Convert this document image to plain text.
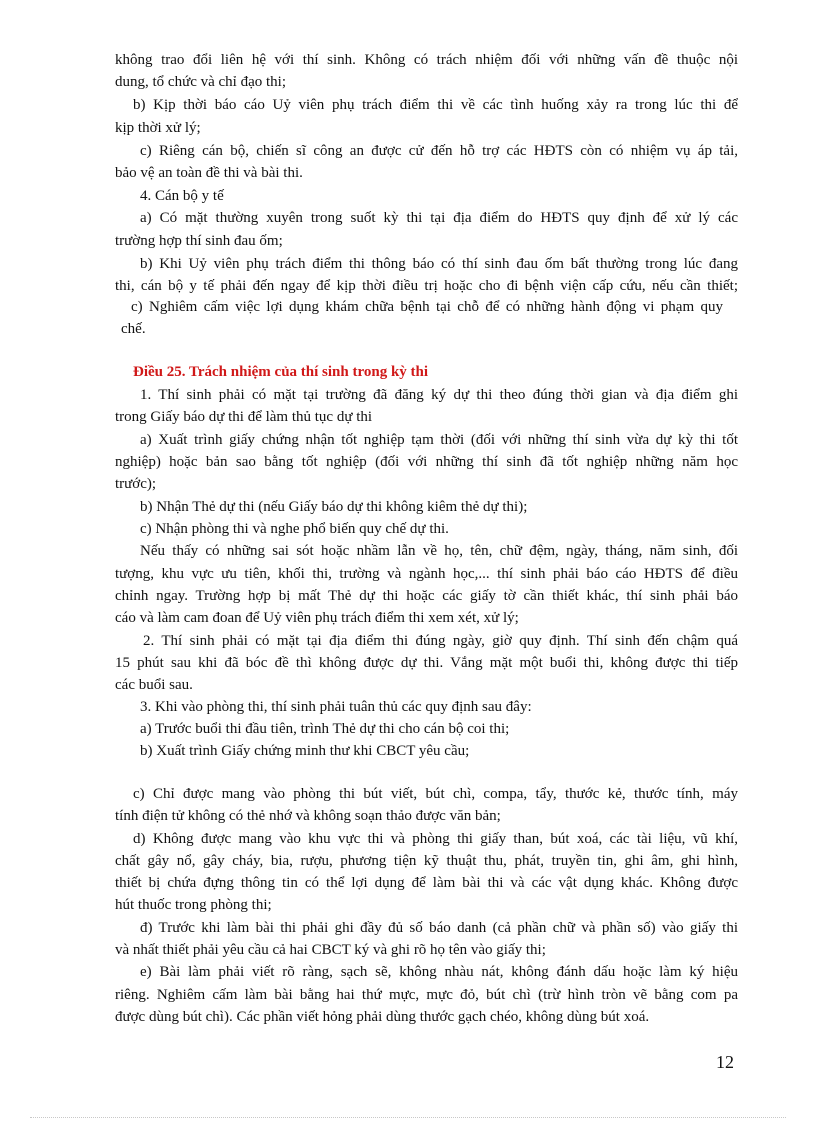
không trao đổi liên hệ với thí sinh. Không có trách nhiệm đối với những vấn đề thuộc nội
dung, tổ chức và chỉ đạo thi;
b) Kịp thời báo cáo Uỷ viên phụ trách điểm thi về các tình huống xảy ra trong lúc thi để
kịp thời xử lý;
c) Riêng cán bộ, chiến sĩ công an được cử đến hỗ trợ các HĐTS còn có nhiệm vụ áp tải,
bảo vệ an toàn đề thi và bài thi.
4. Cán bộ y tế
a) Có mặt thường xuyên trong suốt kỳ thi tại địa điểm do HĐTS quy định để xử lý các
trường hợp thí sinh đau ốm;
b) Khi Uỷ viên phụ trách điểm thi thông báo có thí sinh đau ốm bất thường trong lúc đang
thi, cán bộ y tế phải đến ngay để kịp thời điều trị hoặc cho đi bệnh viện cấp cứu, nếu cần thiết;
c) Nghiêm cấm việc lợi dụng khám chữa bệnh tại chỗ để có những hành động vi phạm quy
chế.
Điều 25. Trách nhiệm của thí sinh trong kỳ thi
1. Thí sinh phải có mặt tại trường đã đăng ký dự thi theo đúng thời gian và địa điểm ghi
trong Giấy báo dự thi để làm thủ tục dự thi
a) Xuất trình giấy chứng nhận tốt nghiệp tạm thời (đối với những thí sinh vừa dự kỳ thi tốt
nghiệp) hoặc bản sao bằng tốt nghiệp (đối với những thí sinh đã tốt nghiệp những năm học
trước);
b) Nhận Thẻ dự thi (nếu Giấy báo dự thi không kiêm thẻ dự thi);
c) Nhận phòng thi và nghe phổ biến quy chế dự thi.
Nếu thấy có những sai sót hoặc nhầm lẫn về họ, tên, chữ đệm, ngày, tháng, năm sinh, đối
tượng, khu vực ưu tiên, khối thi, trường và ngành học,... thí sinh phải báo cáo HĐTS để điều
chỉnh ngay. Trường hợp bị mất Thẻ dự thi hoặc các giấy tờ cần thiết khác, thí sinh phải báo
cáo và làm cam đoan để Uỷ viên phụ trách điểm thi xem xét, xử lý;
2. Thí sinh phải có mặt tại địa điểm thi đúng ngày, giờ quy định. Thí sinh đến chậm quá
15 phút sau khi đã bóc đề thì không được dự thi. Vắng mặt một buổi thi, không được thi tiếp
các buổi sau.
3. Khi vào phòng thi, thí sinh phải tuân thủ các quy định sau đây:
a) Trước buổi thi đầu tiên, trình Thẻ dự thi cho cán bộ coi thi;
b) Xuất trình Giấy chứng minh thư khi CBCT yêu cầu;
c) Chỉ được mang vào phòng thi bút viết, bút chì, compa, tẩy, thước kẻ, thước tính, máy
tính điện tử không có thẻ nhớ và không soạn thảo được văn bản;
d) Không được mang vào khu vực thi và phòng thi giấy than, bút xoá, các tài liệu, vũ khí,
chất gây nổ, gây cháy, bia, rượu, phương tiện kỹ thuật thu, phát, truyền tin, ghi âm, ghi hình,
thiết bị chứa đựng thông tin có thể lợi dụng để làm bài thi và các vật dụng khác. Không được
hút thuốc trong phòng thi;
đ) Trước khi làm bài thi phải ghi đầy đủ số báo danh (cả phần chữ và phần số) vào giấy thi
và nhất thiết phải yêu cầu cả hai CBCT ký và ghi rõ họ tên vào giấy thi;
e) Bài làm phải viết rõ ràng, sạch sẽ, không nhàu nát, không đánh dấu hoặc làm ký hiệu
riêng. Nghiêm cấm làm bài bằng hai thứ mực, mực đỏ, bút chì (trừ hình tròn vẽ bằng com pa
được dùng bút chì). Các phần viết hỏng phải dùng thước gạch chéo, không dùng bút xoá.
12
